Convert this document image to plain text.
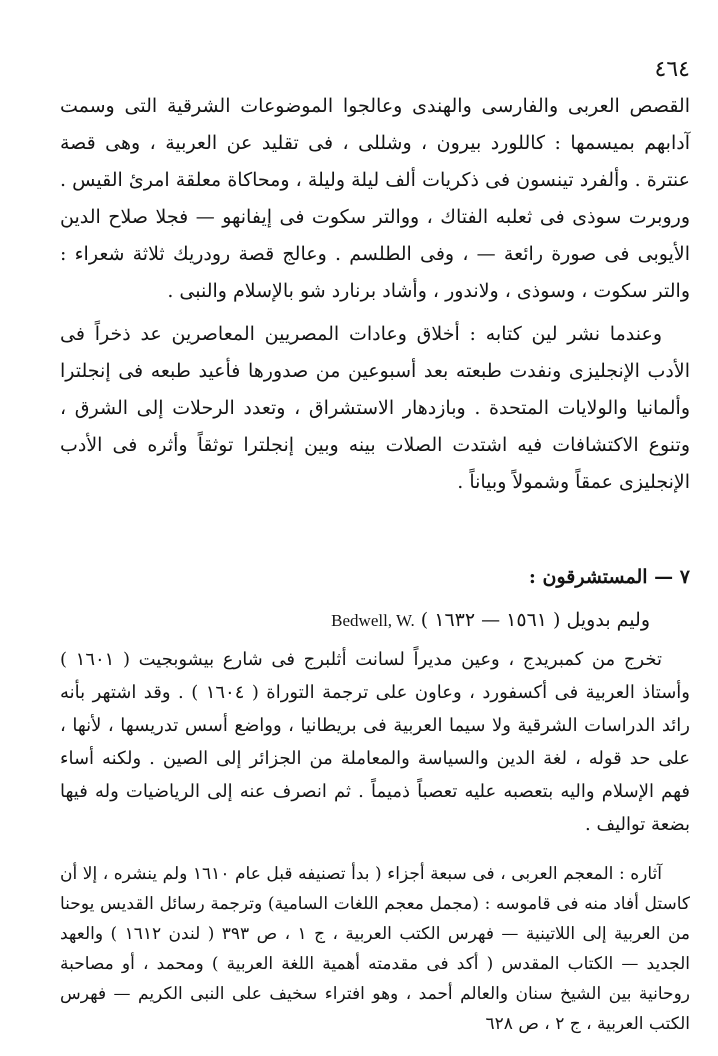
٤٦٤

القصص العربى والفارسى والهندى وعالجوا الموضوعات الشرقية التى وسمت آدابهم بميسمها : كاللورد بيرون ، وشللى ، فى تقليد عن العربية ، وهى قصة عنترة . وألفرد تينسون فى ذكريات ألف ليلة وليلة ، ومحاكاة معلقة امرئ القيس . وروبرت سوذى فى ثعلبه الفتاك ، ووالتر سكوت فى إيفانهو — فجلا صلاح الدين الأيوبى فى صورة رائعة — ، وفى الطلسم . وعالج قصة رودريك ثلاثة شعراء : والتر سكوت ، وسوذى ، ولاندور ، وأشاد برنارد شو بالإسلام والنبى .

وعندما نشر لين كتابه : أخلاق وعادات المصريين المعاصرين عد ذخراً فى الأدب الإنجليزى ونفدت طبعته بعد أسبوعين من صدورها فأعيد طبعه فى إنجلترا وألمانيا والولايات المتحدة . وبازدهار الاستشراق ، وتعدد الرحلات إلى الشرق ، وتنوع الاكتشافات فيه اشتدت الصلات بينه وبين إنجلترا توثقاً وأثره فى الأدب الإنجليزى عمقاً وشمولاً وبياناً .

٧ — المستشرقون :
وليم بدويل ( ١٥٦١ — ١٦٣٢ ) Bedwell, W.

تخرج من كمبريدج ، وعين مديراً لسانت أثلبرج فى شارع بيشوبجيت ( ١٦٠١ ) وأستاذ العربية فى أكسفورد ، وعاون على ترجمة التوراة ( ١٦٠٤ ) . وقد اشتهر بأنه رائد الدراسات الشرقية ولا سيما العربية فى بريطانيا ، وواضع أسس تدريسها ، لأنها ، على حد قوله ، لغة الدين والسياسة والمعاملة من الجزائر إلى الصين . ولكنه أساء فهم الإسلام واليه بتعصبه عليه تعصباً ذميماً . ثم انصرف عنه إلى الرياضيات وله فيها بضعة تواليف .

آثاره : المعجم العربى ، فى سبعة أجزاء ( بدأ تصنيفه قبل عام ١٦١٠ ولم ينشره ، إلا أن كاستل أفاد منه فى قاموسه : (مجمل معجم اللغات السامية) وترجمة رسائل القديس يوحنا من العربية إلى اللاتينية — فهرس الكتب العربية ، ج ١ ، ص ٣٩٣ ( لندن ١٦١٢ ) والعهد الجديد — الكتاب المقدس ( أكد فى مقدمته أهمية اللغة العربية ) ومحمد ، أو مصاحبة روحانية بين الشيخ سنان والعالم أحمد ، وهو افتراء سخيف على النبى الكريم — فهرس الكتب العربية ، ج ٢ ، ص ٦٢٨
